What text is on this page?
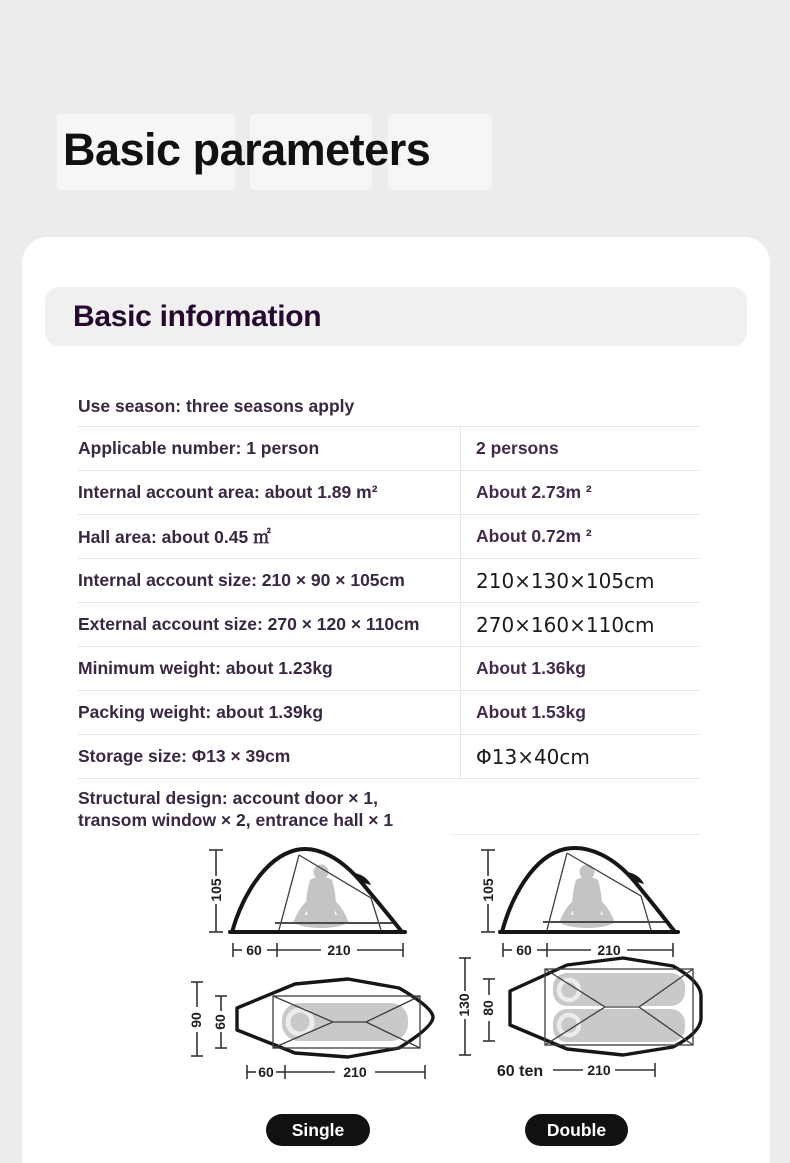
Basic parameters
Basic information
Use season: three seasons apply
Applicable number: 1 person	2 persons
Internal account area: about 1.89 m²	About 2.73m ²
Hall area: about 0.45 ㎡	About 0.72m ²
Internal account size: 210 × 90 × 105cm	210×130×105cm
External account size: 270 × 120 × 110cm	270×160×110cm
Minimum weight: about 1.23kg	About 1.36kg
Packing weight: about 1.39kg	About 1.53kg
Storage size: Φ13 × 39cm	Φ13×40cm
Structural design: account door × 1,
transom window × 2, entrance hall × 1
105
60	210
105
60	210
90 60
60	210
130 80
60 ten	210
Single	Double
